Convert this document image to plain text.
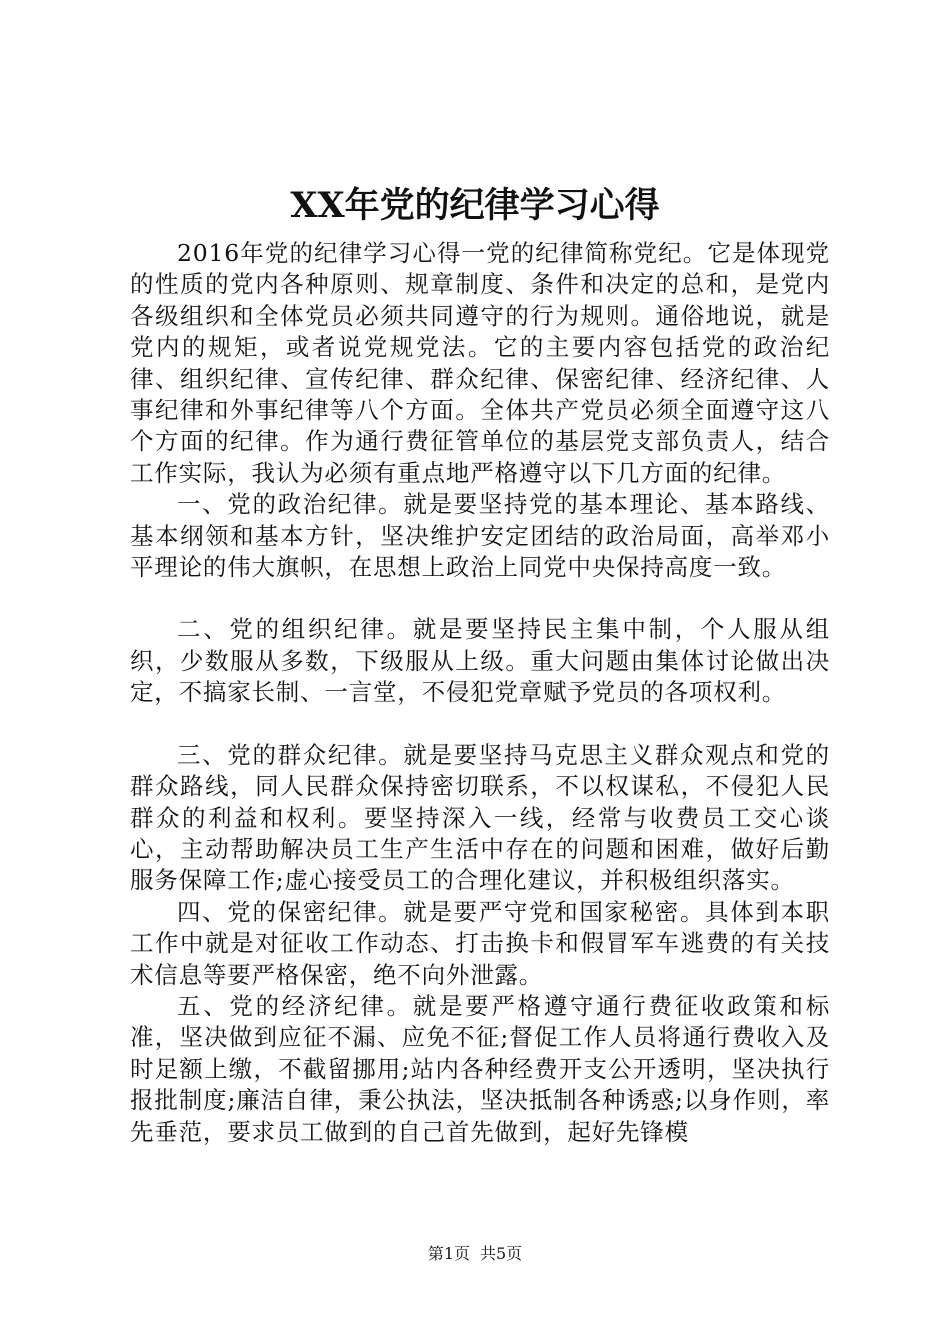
XX年党的纪律学习心得

2016年党的纪律学习心得一党的纪律简称党纪。它是体现党的性质的党内各种原则、规章制度、条件和决定的总和，是党内各级组织和全体党员必须共同遵守的行为规则。通俗地说，就是党内的规矩，或者说党规党法。它的主要内容包括党的政治纪律、组织纪律、宣传纪律、群众纪律、保密纪律、经济纪律、人事纪律和外事纪律等八个方面。全体共产党员必须全面遵守这八个方面的纪律。作为通行费征管单位的基层党支部负责人，结合工作实际，我认为必须有重点地严格遵守以下几方面的纪律。

一、党的政治纪律。就是要坚持党的基本理论、基本路线、基本纲领和基本方针，坚决维护安定团结的政治局面，高举邓小平理论的伟大旗帜，在思想上政治上同党中央保持高度一致。

二、党的组织纪律。就是要坚持民主集中制，个人服从组织，少数服从多数，下级服从上级。重大问题由集体讨论做出决定，不搞家长制、一言堂，不侵犯党章赋予党员的各项权利。

三、党的群众纪律。就是要坚持马克思主义群众观点和党的群众路线，同人民群众保持密切联系，不以权谋私，不侵犯人民群众的利益和权利。要坚持深入一线，经常与收费员工交心谈心，主动帮助解决员工生产生活中存在的问题和困难，做好后勤服务保障工作;虚心接受员工的合理化建议，并积极组织落实。

四、党的保密纪律。就是要严守党和国家秘密。具体到本职工作中就是对征收工作动态、打击换卡和假冒军车逃费的有关技术信息等要严格保密，绝不向外泄露。

五、党的经济纪律。就是要严格遵守通行费征收政策和标准，坚决做到应征不漏、应免不征;督促工作人员将通行费收入及时足额上缴，不截留挪用;站内各种经费开支公开透明，坚决执行报批制度;廉洁自律，秉公执法，坚决抵制各种诱惑;以身作则，率先垂范，要求员工做到的自己首先做到，起好先锋模

第1页 共5页
